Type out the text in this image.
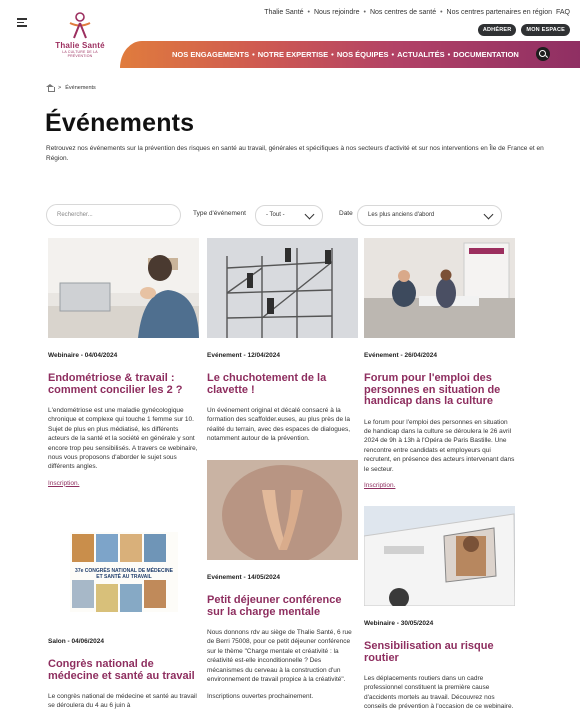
Thalie Santé
LA CULTURE DE LA PRÉVENTION
Thalie Santé • Nous rejoindre • Nos centres de santé • Nos centres partenaires en région FAQ
ADHÉRER	MON ESPACE
NOS ENGAGEMENTS • NOTRE EXPERTISE • NOS ÉQUIPES • ACTUALITÉS • DOCUMENTATION
> Événements
Événements
Retrouvez nos événements sur la prévention des risques en santé au travail, générales et spécifiques à nos secteurs d'activité et sur nos interventions en Île de France et en Région.
Rechercher...	Type d'événement	- Tout -	Date	Les plus anciens d'abord
Webinaire - 04/04/2024
Endométriose & travail : comment concilier les 2 ?

L'endométriose est une maladie gynécologique chronique et complexe qui touche 1 femme sur 10. Sujet de plus en plus médiatisé, les différents acteurs de la santé et la société en générale y sont encore trop peu sensibilisés. A travers ce webinaire, nous vous proposons d'aborder le sujet sous différents angles.

Inscription.
37e CONGRÈS NATIONAL DE MÉDECINE ET SANTÉ AU TRAVAIL
Salon - 04/06/2024
Congrès national de médecine et santé au travail

Le congrès national de médecine et santé au travail se déroulera du 4 au 6 juin à

Evénement - 12/04/2024
Le chuchotement de la clavette !

Un événement original et décalé consacré à la formation des scaffolder.euses, au plus près de la réalité du terrain, avec des espaces de dialogues, notamment autour de la prévention.

Evénement - 14/05/2024
Petit déjeuner conférence sur la charge mentale

Nous donnons rdv au siège de Thalie Santé, 6 rue de Berri 75008, pour ce petit déjeuner conférence sur le thème "Charge mentale et créativité : la créativité est-elle inconditionnelle ? Des mécanismes du cerveau à la construction d'un environnement de travail propice à la créativité".

Inscriptions ouvertes prochainement.

Evénement - 26/04/2024
Forum pour l'emploi des personnes en situation de handicap dans la culture

Le forum pour l'emploi des personnes en situation de handicap dans la culture se déroulera le 26 avril 2024 de 9h à 13h à l'Opéra de Paris Bastille. Une rencontre entre candidats et employeurs qui recrutent, en présence des acteurs intervenant dans le secteur.

Inscription.
Webinaire - 30/05/2024
Sensibilisation au risque routier

Les déplacements routiers dans un cadre professionnel constituent la première cause d'accidents mortels au travail. Découvrez nos conseils de prévention à l'occasion de ce webinaire.
